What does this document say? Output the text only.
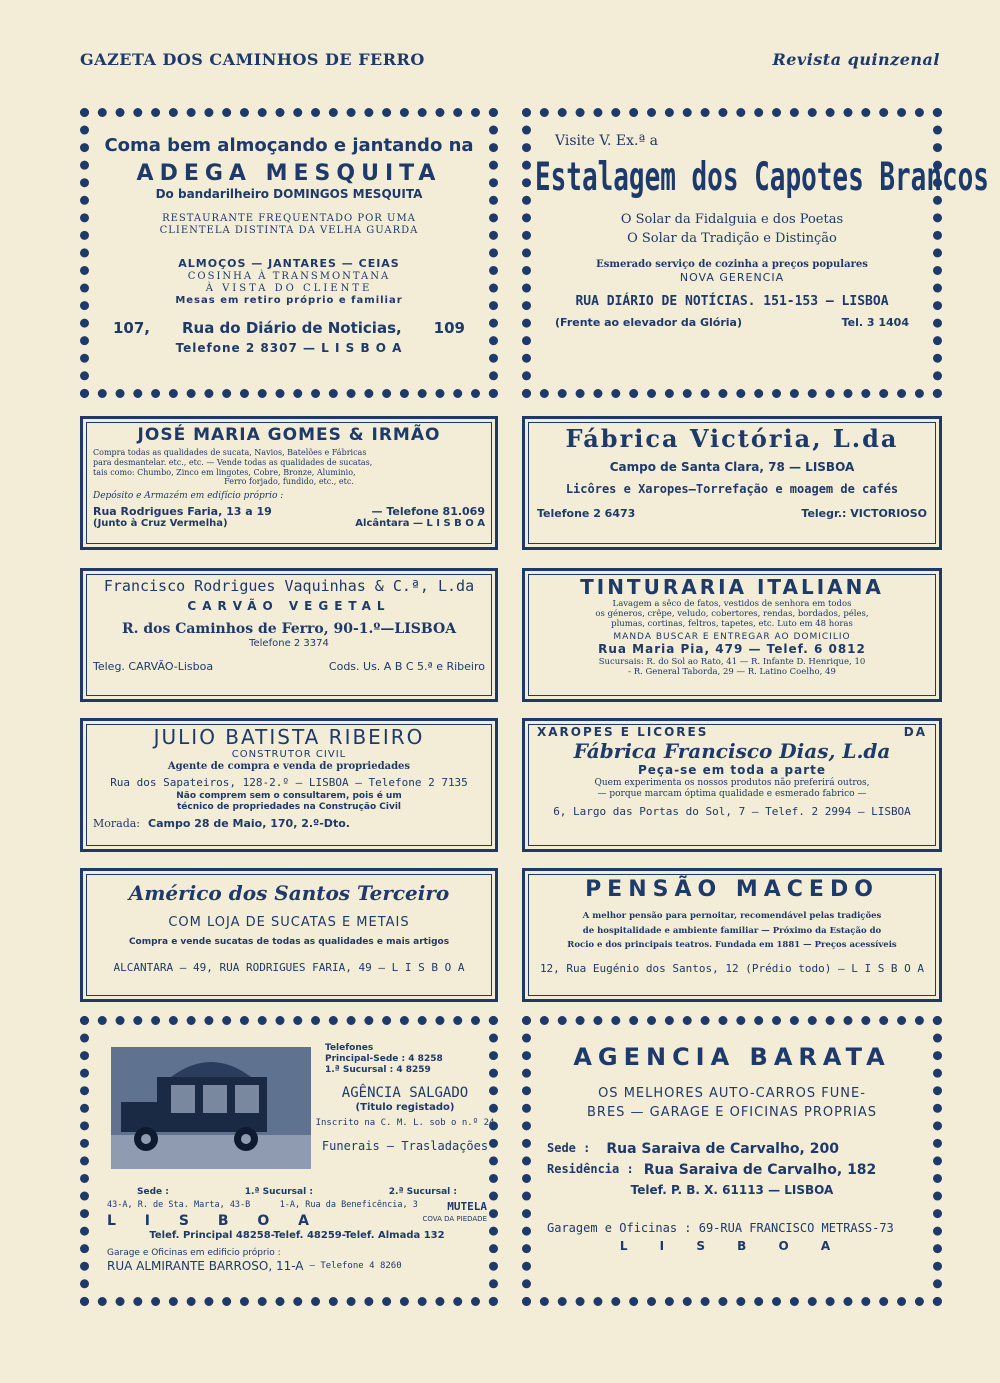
GAZETA DOS CAMINHOS DE FERRO	Revista quinzenal
Coma bem almoçando e jantando na
ADEGA MESQUITA
Do bandarilheiro DOMINGOS MESQUITA
RESTAURANTE FREQUENTADO POR UMA
CLIENTELA DISTINTA DA VELHA GUARDA
ALMOÇOS — JANTARES — CEIAS
COSINHA À TRANSMONTANA
À VISTA DO CLIENTE
Mesas em retiro próprio e familiar
107, Rua do Diário de Noticias, 109
Telefone 2 8307 — L I S B O A
Visite V. Ex.ª a
Estalagem dos Capotes Brancos
O Solar da Fidalguia e dos Poetas
O Solar da Tradição e Distinção
Esmerado serviço de cozinha a preços populares
NOVA GERENCIA
RUA DIÁRIO DE NOTÍCIAS. 151-153 — LISBOA
(Frente ao elevador da Glória)	Tel. 3 1404
JOSÉ MARIA GOMES & IRMÃO
Compra todas as qualidades de sucata, Navios, Batelões e Fábricas
para desmantelar. etc., etc. — Vende todas as qualidades de sucatas,
tais como: Chumbo, Zinco em lingotes, Cobre, Bronze, Aluminio,
Ferro forjado, fundido, etc., etc.
Depósito e Armazém em edifício próprio :
Rua Rodrigues Faria, 13 a 19	— Telefone 81.069
(Junto à Cruz Vermelha)	Alcântara — L I S B O A
Fábrica Victória, L.da
Campo de Santa Clara, 78 — LISBOA
Licôres e Xaropes—Torrefação e moagem de cafés
Telefone 2 6473	Telegr.: VICTORIOSO
Francisco Rodrigues Vaquinhas & C.ª, L.da
CARVÃO VEGETAL
R. dos Caminhos de Ferro, 90-1.º—LISBOA
Telefone 2 3374
Teleg. CARVÃO-Lisboa	Cods. Us. A B C 5.ª e Ribeiro
TINTURARIA ITALIANA
Lavagem a sêco de fatos, vestidos de senhora em todos
os géneros, crêpe, veludo, cobertores, rendas, bordados, péles,
plumas, cortinas, feltros, tapetes, etc. Luto em 48 horas
MANDA BUSCAR E ENTREGAR AO DOMICILIO
Rua Maria Pia, 479 — Telef. 6 0812
Sucursais: R. do Sol ao Rato, 41 — R. Infante D. Henrique, 10
- R. General Taborda, 29 — R. Latino Coelho, 49
JULIO BATISTA RIBEIRO
CONSTRUTOR CIVIL
Agente de compra e venda de propriedades
Rua dos Sapateiros, 128-2.º — LISBOA — Telefone 2 7135
Não comprem sem o consultarem, pois é um
técnico de propriedades na Construção Civil
Morada: Campo 28 de Maio, 170, 2.º-Dto.
XAROPES E LICORES	DA
Fábrica Francisco Dias, L.da
Peça-se em toda a parte
Quem experimenta os nossos produtos não preferirá outros,
— porque marcam óptima qualidade e esmerado fabrico —
6, Largo das Portas do Sol, 7 — Telef. 2 2994 — LISBOA
Américo dos Santos Terceiro
COM LOJA DE SUCATAS E METAIS
Compra e vende sucatas de todas as qualidades e mais artigos
ALCANTARA — 49, RUA RODRIGUES FARIA, 49 — L I S B O A
PENSÃO MACEDO
A melhor pensão para pernoitar, recomendável pelas tradições
de hospitalidade e ambiente familiar — Próximo da Estação do
Rocio e dos principais teatros. Fundada em 1881 — Preços acessíveis
12, Rua Eugénio dos Santos, 12 (Prédio todo) — L I S B O A
Telefones
Principal-Sede : 4 8258
1.ª Sucursal : 4 8259
AGÊNCIA SALGADO
(Titulo registado)
Inscrito na C. M. L. sob o n.º 24
Funerais — Trasladações
Sede :	1.ª Sucursal :	2.ª Sucursal :
43-A, R. de Sta. Marta, 43-B	1-A, Rua da Beneficência, 3	MUTELA
L I S B O A	COVA DA PIEDADE
Telef. Principal 48258-Telef. 48259-Telef. Almada 132
Garage e Oficinas em edificio próprio :
RUA ALMIRANTE BARROSO, 11-A — Telefone 4 8260
AGENCIA BARATA
OS MELHORES AUTO-CARROS FUNE-
BRES — GARAGE E OFICINAS PROPRIAS
Sede : Rua Saraiva de Carvalho, 200
Residência : Rua Saraiva de Carvalho, 182
Telef. P. B. X. 61113 — LISBOA
Garagem e Oficinas : 69-RUA FRANCISCO METRASS-73
L I S B O A
